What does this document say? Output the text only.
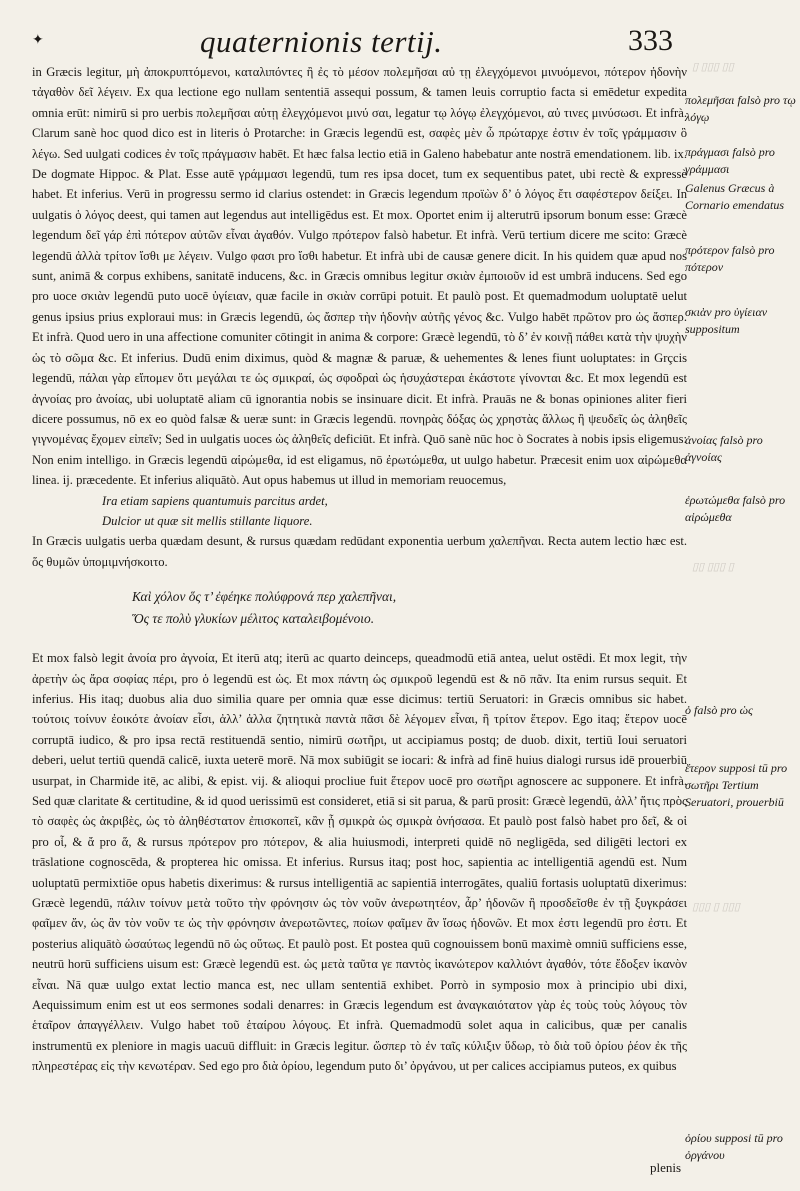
✦	quaternionis tertij.	333

in Græcis legitur, μὴ ἀποκρυπτόμενοι, καταλιπόντες ἢ ἐς τὸ μέσον πολεμῆσαι αὐ τῃ ἐλεγχόμενοι μινυόμενοι, πότερον ἡδονὴν τἀγαθὸν δεῖ λέγειν. Ex qua lectione ego nullam sententiā assequi possum, & tamen leuis corruptio facta si emēdetur expedita omnia erūt: nimirū si pro uerbis πολεμῆσαι αὐτῃ ἐλεγχόμενοι μινύ σαι, legatur τῳ λόγῳ ἐλεγχόμενοι, αὐ τινες μινύσωσι. Et infrà. Clarum sanè hoc quod dico est in literis ὁ Protarche: in Græcis legendū est, σαφὲς μὲν ὦ πρώταρχε ἐστιν ἐν τοῖς γράμμασιν ὃ λέγω. Sed uulgati codices ἐν τοῖς πράγμασιν habēt. Et hæc falsa lectio etiā in Galeno habebatur ante nostrā emendationem. lib. ix. De dogmate Hippoc. & Plat. Esse autē γράμμασι legendū, tum res ipsa docet, tum ex sequentibus patet, ubi rectè & expressè habet. Et inferius. Verū in progressu sermo id clarius ostendet: in Græcis legendum προϊὼν δ’ ὁ λόγος ἔτι σαφέστερον δείξει. In uulgatis ὁ λόγος deest, qui tamen aut legendus aut intelligēdus est. Et mox. Oportet enim ij alterutrū ipsorum bonum esse: Græcè legendum δεῖ γάρ ἐπὶ πότερον αὐτῶν εἶναι ἀγαθόν. Vulgo πρότερον falsò habetur. Et infrà. Verū tertium dicere me scito: Græcè legendū ἀλλὰ τρίτον ἴσθι με λέγειν. Vulgo φασι pro ἴσθι habetur. Et infrà ubi de causæ genere dicit. In his quidem quæ apud nos sunt, animā & corpus exhibens, sanitatē inducens, &c. in Græcis omnibus legitur σκιὰν ἐμποιοῦν id est umbrā inducens. Sed ego pro uoce σκιὰν legendū puto uocē ὑγίειαν, quæ facile in σκιὰν corrūpi potuit. Et paulò post. Et quemadmodum uoluptatē uelut genus ipsius prius exploraui mus: in Græcis legendū, ὡς ἄσπερ τὴν ἡδονὴν αὐτῆς γένος &c. Vulgo habēt πρῶτον pro ὡς ἄσπερ. Et infrà. Quod uero in una affectione comuniter cōtingit in anima & corpore: Græcè legendū, τὸ δ’ ἐν κοινῇ πάθει κατὰ τὴν ψυχὴν ὡς τὸ σῶμα &c. Et inferius. Dudū enim diximus, quòd & magnæ & paruæ, & uehementes & lenes fiunt uoluptates: in Grçcis legendū, πάλαι γὰρ εἴπομεν ὅτι μεγάλαι τε ὡς σμικραί, ὡς σφοδραὶ ὡς ἡσυχάστεραι ἑκάστοτε γίνονται &c. Et mox legendū est ἀγνοίας pro ἀνοίας, ubi uoluptatē aliam cū ignorantia nobis se insinuare dicit. Et infrà. Prauās ne & bonas opiniones aliter fieri dicere possumus, nō ex eo quòd falsæ & ueræ sunt: in Græcis legendū. πονηρὰς δόξας ὡς χρηστὰς ἄλλως ἢ ψευδεῖς ὡς ἀληθεῖς γιγνομένας ἔχομεν εἰπεῖν; Sed in uulgatis uoces ὡς ἀληθεῖς deficiūt. Et infrà. Quō sanè nūc hoc ò Socrates à nobis ipsis eligemus: Non enim intelligo. in Græcis legendū αἱρώμεθα, id est eligamus, nō ἐρωτώμεθα, ut uulgo habetur. Præcesit enim uox αἱρώμεθα linea. ij. præcedente. Et inferius aliquātò. Aut opus habemus ut illud in memoriam reuocemus,

Ira etiam sapiens quantumuis parcitus ardet,

Dulcior ut quæ sit mellis stillante liquore.

In Græcis uulgatis uerba quædam desunt, & rursus quædam redūdant exponentia uerbum χαλεπῆναι. Recta autem lectio hæc est. ὅς θυμῶν ὑπομιμνήσκοιτο.

Καὶ χόλον ὅς τ’ ἐφέηκε πολύφρονά περ χαλεπῆναι,

Ὅς τε πολὺ γλυκίων μέλιτος καταλειβομένοιο.

Et mox falsò legit ἀνοία pro ἀγνοία, Et iterū atq; iterū ac quarto deinceps, queadmodū etiā antea, uelut ostēdi. Et mox legit, τὴν ἀρετὴν ὡς ἄρα σοφίας πέρι, pro ὁ legendū est ὡς. Et mox πάντη ὡς σμικροῦ legendū est & nō πᾶν. Ita enim rursus sequit. Et inferius. His itaq; duobus alia duo similia quare per omnia quæ esse dicimus: tertiū Seruatori: in Græcis omnibus sic habet. τούτοις τοίνυν ἐοικότε ἀνοίαν εἶσι, ἀλλ’ ἀλλα ζητητικὰ παντὰ πᾶσι δὲ λέγομεν εἶναι, ἢ τρίτον ἕτερον. Ego itaq; ἕτερον uocē corruptā iudico, & pro ipsa rectā restituendā sentio, nimirū σωτῆρι, ut accipiamus postq; de duob. dixit, tertiū Ioui seruatori deberi, uelut tertiū quendā calicē, iuxta ueterē morē. Nā mox subiūgit se iocari: & infrà ad finē huius dialogi rursus idē prouerbiū usurpat, in Charmide itē, ac alibi, & epist. vij. & alioqui procliue fuit ἕτερον uocē pro σωτῆρι agnoscere ac supponere. Et infrà. Sed quæ claritate & certitudine, & id quod uerissimū est consideret, etiā si sit parua, & parū prosit: Græcè legendū, ἀλλ’ ἥτις πρὸς τὸ σαφὲς ὡς ἀκριβὲς, ὡς τὸ ἀληθέστατον ἐπισκοπεῖ, κἂν ᾖ σμικρὰ ὡς σμικρὰ ὀνήσασα. Et paulò post falsò habet pro δεῖ, & οἱ pro οἷ, & ἄ pro ἅ, & rursus πρότερον pro πότερον, & alia huiusmodi, interpreti quidē nō negligēda, sed diligēti lectori ex trāslatione cognoscēda, & propterea hic omissa. Et inferius. Rursus itaq; post hoc, sapientia ac intelligentiā agendū est. Num uoluptatū permixtiōe opus habetis dixerimus: & rursus intelligentiā ac sapientiā interrogātes, qualiū fortasis uoluptatū dixerimus: Græcè legendū, πάλιν τοίνυν μετὰ τοῦτο τὴν φρόνησιν ὡς τὸν νοῦν ἀνερωτητέον, ἆρ’ ἡδονῶν ἢ προσδεῖσθε ἐν τῇ ξυγκράσει φαῖμεν ἄν, ὡς ἂν τὸν νοῦν τε ὡς τὴν φρόνησιν ἀνερωτῶντες, ποίων φαῖμεν ἂν ἴσως ἡδονῶν. Et mox ἐστι legendū pro ἐστι. Et posterius aliquātò ὡσαύτως legendū nō ὡς οὕτως. Et paulò post. Et postea quū cognouissem bonū maximè omniū sufficiens esse, neutrū horū sufficiens uisum est: Græcè legendū est. ὡς μετὰ ταῦτα γε παντὸς ἱκανώτερον καλλιόντ ἀγαθόν, τότε ἔδοξεν ἱκανὸν εἶναι. Nā quæ uulgo extat lectio manca est, nec ullam sententiā exhibet. Porrò in symposio mox à principio ubi dixi, Aequissimum enim est ut eos sermones sodali denarres: in Græcis legendum est ἀναγκαιότατον γὰρ ἐς τοὺς τοὺς λόγους τὸν ἑταῖρον ἀπαγγέλλειν. Vulgo habet τοῦ ἑταίρου λόγους. Et infrà. Quemadmodū solet aqua in calicibus, quæ per canalis instrumentū ex pleniore in magis uacuū diffluit: in Græcis legitur. ὥσπερ τὸ ἐν ταῖς κύλιξιν ὕδωρ, τὸ διὰ τοῦ ὀρίου ῥέον ἐκ τῆς πληρεστέρας εἰς τὴν κενωτέραν. Sed ego pro διὰ ὀρίου, legendum puto δι’ ὀργάνου, ut per calices accipiamus puteos, ex quibus

πολεμῆσαι falsò pro τῳ λόγῳ
πράγμασι falsò pro γράμμασι
Galenus Græcus à Cornario emendatus
πρότερον falsò pro πότερον
σκιὰν pro ὑγίειαν suppositum
ἀνοίας falsò pro ἀγνοίας
ἐρωτώμεθα falsò pro αἱρώμεθα
ὁ falsò pro ὡς
ἕτερον supposi tū pro σωτῆρι Tertium Seruatori, prouerbiū
ὀρίου supposi tū pro ὀργάνου
▯ ▯▯▯ ▯▯
▯▯ ▯▯▯ ▯
▯▯▯ ▯ ▯▯▯
plenis
